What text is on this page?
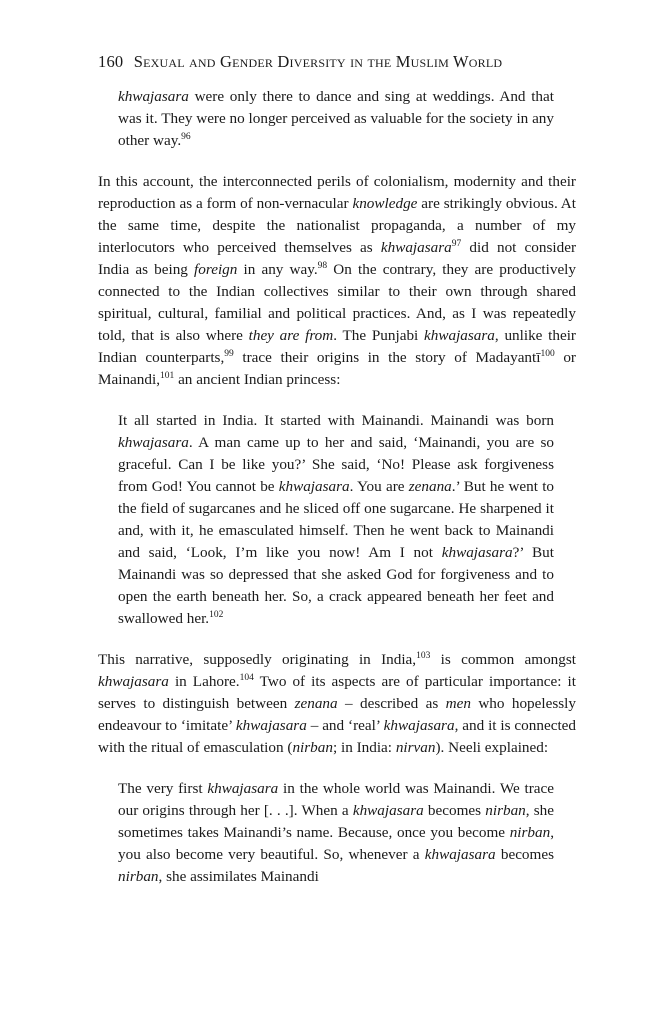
160 Sexual and Gender Diversity in the Muslim World

khwajasara were only there to dance and sing at weddings. And that was it. They were no longer perceived as valuable for the society in any other way.$^{96}$

In this account, the interconnected perils of colonialism, modernity and their reproduction as a form of non-vernacular knowledge are strikingly obvious. At the same time, despite the nationalist propaganda, a number of my interlocutors who perceived themselves as khwajasara$^{97}$ did not consider India as being foreign in any way.$^{98}$ On the contrary, they are productively connected to the Indian collectives similar to their own through shared spiritual, cultural, familial and political practices. And, as I was repeatedly told, that is also where they are from. The Punjabi khwajasara, unlike their Indian counterparts,$^{99}$ trace their origins in the story of Madayantī$^{100}$ or Mainandi,$^{101}$ an ancient Indian princess:

It all started in India. It started with Mainandi. Mainandi was born khwajasara. A man came up to her and said, ‘Mainandi, you are so graceful. Can I be like you?’ She said, ‘No! Please ask forgiveness from God! You cannot be khwajasara. You are zenana.’ But he went to the field of sugarcanes and he sliced off one sugarcane. He sharpened it and, with it, he emasculated himself. Then he went back to Mainandi and said, ‘Look, I’m like you now! Am I not khwajasara?’ But Mainandi was so depressed that she asked God for forgiveness and to open the earth beneath her. So, a crack appeared beneath her feet and swallowed her.$^{102}$

This narrative, supposedly originating in India,$^{103}$ is common amongst khwajasara in Lahore.$^{104}$ Two of its aspects are of particular importance: it serves to distinguish between zenana – described as men who hopelessly endeavour to ‘imitate’ khwajasara – and ‘real’ khwajasara, and it is connected with the ritual of emasculation (nirban; in India: nirvan). Neeli explained:

The very first khwajasara in the whole world was Mainandi. We trace our origins through her [. . .]. When a khwajasara becomes nirban, she sometimes takes Mainandi’s name. Because, once you become nirban, you also become very beautiful. So, whenever a khwajasara becomes nirban, she assimilates Mainandi
